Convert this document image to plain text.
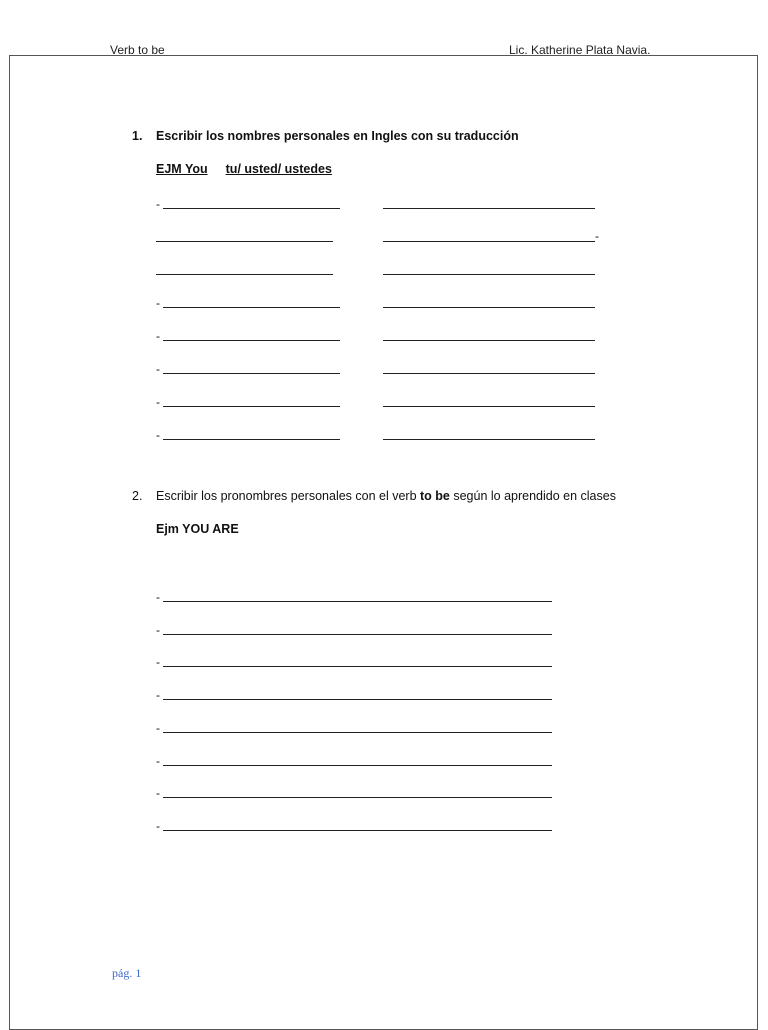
Verb to be	Lic. Katherine Plata Navia.
1. Escribir los nombres personales en Ingles con su traducción
EJM You tu/ usted/ ustedes
-
-
-
-
-
-
-
2. Escribir los pronombres personales con el verb to be según lo aprendido en clases
Ejm YOU ARE
-
-
-
-
-
-
-
-
pág. 1
